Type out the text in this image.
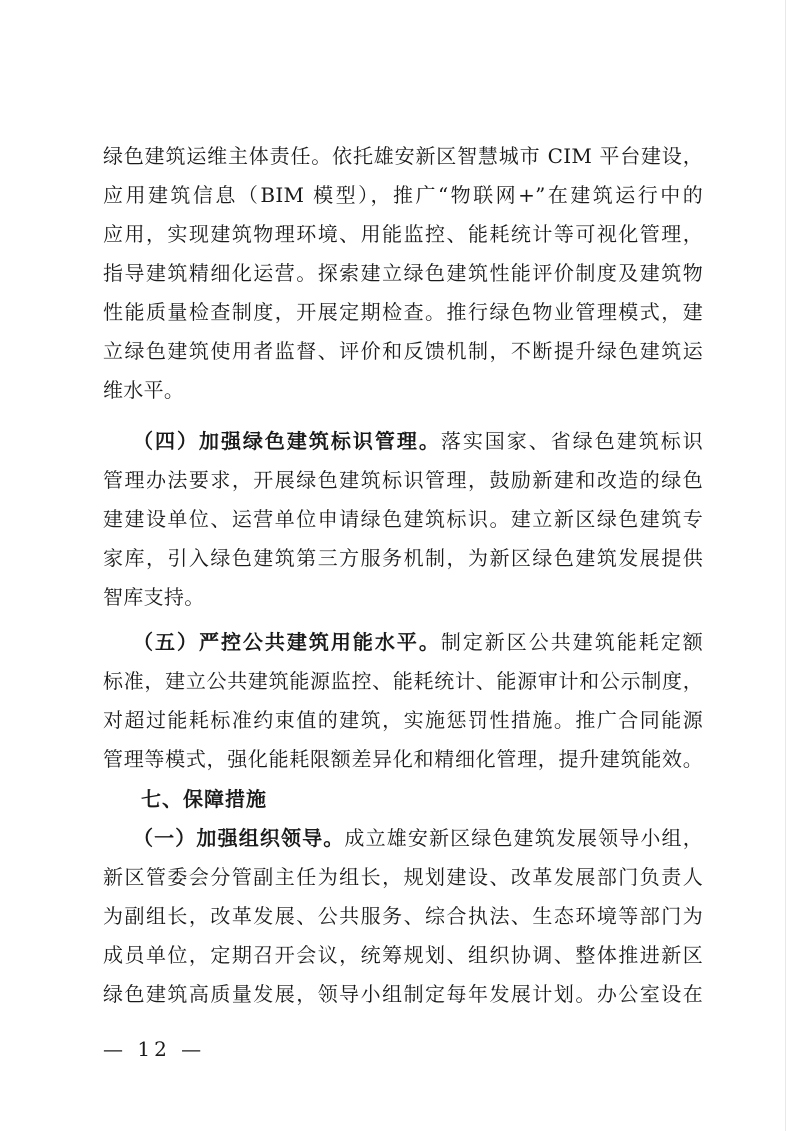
绿色建筑运维主体责任。依托雄安新区智慧城市 CIM 平台建设，
应用建筑信息（BIM 模型），推广“物联网+”在建筑运行中的
应用，实现建筑物理环境、用能监控、能耗统计等可视化管理，
指导建筑精细化运营。探索建立绿色建筑性能评价制度及建筑物
性能质量检查制度，开展定期检查。推行绿色物业管理模式，建
立绿色建筑使用者监督、评价和反馈机制，不断提升绿色建筑运
维水平。
（四）加强绿色建筑标识管理。落实国家、省绿色建筑标识
管理办法要求，开展绿色建筑标识管理，鼓励新建和改造的绿色
建建设单位、运营单位申请绿色建筑标识。建立新区绿色建筑专
家库，引入绿色建筑第三方服务机制，为新区绿色建筑发展提供
智库支持。
（五）严控公共建筑用能水平。制定新区公共建筑能耗定额
标准，建立公共建筑能源监控、能耗统计、能源审计和公示制度，
对超过能耗标准约束值的建筑，实施惩罚性措施。推广合同能源
管理等模式，强化能耗限额差异化和精细化管理，提升建筑能效。
七、保障措施
（一）加强组织领导。成立雄安新区绿色建筑发展领导小组，
新区管委会分管副主任为组长，规划建设、改革发展部门负责人
为副组长，改革发展、公共服务、综合执法、生态环境等部门为
成员单位，定期召开会议，统筹规划、组织协调、整体推进新区
绿色建筑高质量发展，领导小组制定每年发展计划。办公室设在
— 12 —
